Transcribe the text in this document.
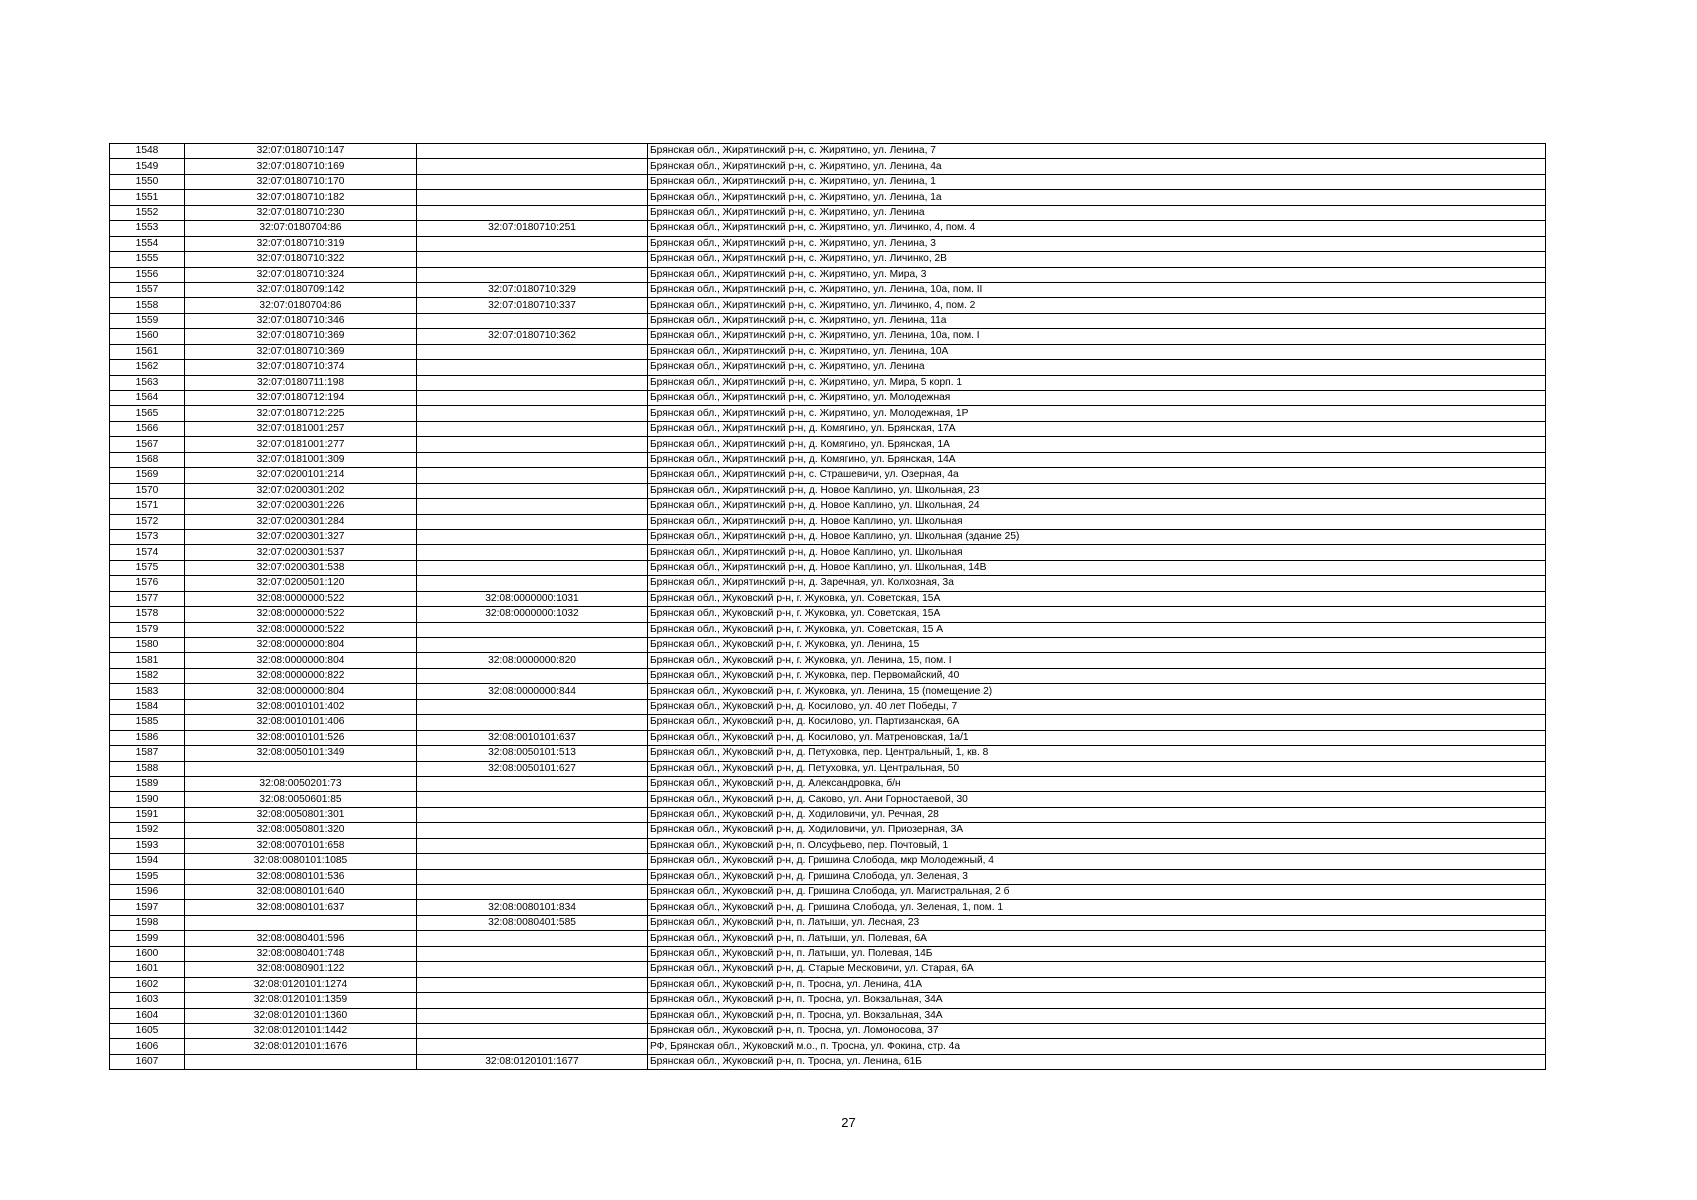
1548	32:07:0180710:147		Брянская обл., Жирятинский р-н, с. Жирятино, ул. Ленина, 7
1549	32:07:0180710:169		Брянская обл., Жирятинский р-н, с. Жирятино, ул. Ленина, 4а
1550	32:07:0180710:170		Брянская обл., Жирятинский р-н, с. Жирятино, ул. Ленина, 1
1551	32:07:0180710:182		Брянская обл., Жирятинский р-н, с. Жирятино, ул. Ленина, 1а
1552	32:07:0180710:230		Брянская обл., Жирятинский р-н, с. Жирятино, ул. Ленина
1553	32:07:0180704:86	32:07:0180710:251	Брянская обл., Жирятинский р-н, с. Жирятино, ул. Личинко, 4, пом. 4
1554	32:07:0180710:319		Брянская обл., Жирятинский р-н, с. Жирятино, ул. Ленина, 3
1555	32:07:0180710:322		Брянская обл., Жирятинский р-н, с. Жирятино, ул. Личинко, 2В
1556	32:07:0180710:324		Брянская обл., Жирятинский р-н, с. Жирятино, ул. Мира, 3
1557	32:07:0180709:142	32:07:0180710:329	Брянская обл., Жирятинский р-н, с. Жирятино, ул. Ленина, 10а, пом. II
1558	32:07:0180704:86	32:07:0180710:337	Брянская обл., Жирятинский р-н, с. Жирятино, ул. Личинко, 4, пом. 2
1559	32:07:0180710:346		Брянская обл., Жирятинский р-н, с. Жирятино, ул. Ленина, 11а
1560	32:07:0180710:369	32:07:0180710:362	Брянская обл., Жирятинский р-н, с. Жирятино, ул. Ленина, 10а, пом. I
1561	32:07:0180710:369		Брянская обл., Жирятинский р-н, с. Жирятино, ул. Ленина, 10А
1562	32:07:0180710:374		Брянская обл., Жирятинский р-н, с. Жирятино, ул. Ленина
1563	32:07:0180711:198		Брянская обл., Жирятинский р-н, с. Жирятино, ул. Мира, 5 корп. 1
1564	32:07:0180712:194		Брянская обл., Жирятинский р-н, с. Жирятино, ул. Молодежная
1565	32:07:0180712:225		Брянская обл., Жирятинский р-н, с. Жирятино, ул. Молодежная, 1Р
1566	32:07:0181001:257		Брянская обл., Жирятинский р-н, д. Комягино, ул. Брянская, 17А
1567	32:07:0181001:277		Брянская обл., Жирятинский р-н, д. Комягино, ул. Брянская, 1А
1568	32:07:0181001:309		Брянская обл., Жирятинский р-н, д. Комягино, ул. Брянская, 14А
1569	32:07:0200101:214		Брянская обл., Жирятинский р-н, с. Страшевичи, ул. Озерная, 4а
1570	32:07:0200301:202		Брянская обл., Жирятинский р-н, д. Новое Каплино, ул. Школьная, 23
1571	32:07:0200301:226		Брянская обл., Жирятинский р-н, д. Новое Каплино, ул. Школьная, 24
1572	32:07:0200301:284		Брянская обл., Жирятинский р-н, д. Новое Каплино, ул. Школьная
1573	32:07:0200301:327		Брянская обл., Жирятинский р-н, д. Новое Каплино, ул. Школьная (здание 25)
1574	32:07:0200301:537		Брянская обл., Жирятинский р-н, д. Новое Каплино, ул. Школьная
1575	32:07:0200301:538		Брянская обл., Жирятинский р-н, д. Новое Каплино, ул. Школьная, 14В
1576	32:07:0200501:120		Брянская обл., Жирятинский р-н, д. Заречная, ул. Колхозная, 3а
1577	32:08:0000000:522	32:08:0000000:1031	Брянская обл., Жуковский р-н, г. Жуковка, ул. Советская, 15А
1578	32:08:0000000:522	32:08:0000000:1032	Брянская обл., Жуковский р-н, г. Жуковка, ул. Советская, 15А
1579	32:08:0000000:522		Брянская обл., Жуковский р-н, г. Жуковка, ул. Советская, 15 А
1580	32:08:0000000:804		Брянская обл., Жуковский р-н, г. Жуковка, ул. Ленина, 15
1581	32:08:0000000:804	32:08:0000000:820	Брянская обл., Жуковский р-н, г. Жуковка, ул. Ленина, 15, пом. I
1582	32:08:0000000:822		Брянская обл., Жуковский р-н, г. Жуковка, пер. Первомайский, 40
1583	32:08:0000000:804	32:08:0000000:844	Брянская обл., Жуковский р-н, г. Жуковка, ул. Ленина, 15 (помещение 2)
1584	32:08:0010101:402		Брянская обл., Жуковский р-н, д. Косилово, ул. 40 лет Победы, 7
1585	32:08:0010101:406		Брянская обл., Жуковский р-н, д. Косилово, ул. Партизанская, 6А
1586	32:08:0010101:526	32:08:0010101:637	Брянская обл., Жуковский р-н, д. Косилово, ул. Матреновская, 1а/1
1587	32:08:0050101:349	32:08:0050101:513	Брянская обл., Жуковский р-н, д. Петуховка, пер. Центральный, 1, кв. 8
1588		32:08:0050101:627	Брянская обл., Жуковский р-н, д. Петуховка, ул. Центральная, 50
1589	32:08:0050201:73		Брянская обл., Жуковский р-н, д. Александровка, б/н
1590	32:08:0050601:85		Брянская обл., Жуковский р-н, д. Саково, ул. Ани Горностаевой, 30
1591	32:08:0050801:301		Брянская обл., Жуковский р-н, д. Ходиловичи, ул. Речная, 28
1592	32:08:0050801:320		Брянская обл., Жуковский р-н, д. Ходиловичи, ул. Приозерная, 3А
1593	32:08:0070101:658		Брянская обл., Жуковский р-н, п. Олсуфьево, пер. Почтовый, 1
1594	32:08:0080101:1085		Брянская обл., Жуковский р-н, д. Гришина Слобода, мкр Молодежный, 4
1595	32:08:0080101:536		Брянская обл., Жуковский р-н, д. Гришина Слобода, ул. Зеленая, 3
1596	32:08:0080101:640		Брянская обл., Жуковский р-н, д. Гришина Слобода, ул. Магистральная, 2 б
1597	32:08:0080101:637	32:08:0080101:834	Брянская обл., Жуковский р-н, д. Гришина Слобода, ул. Зеленая, 1, пом. 1
1598		32:08:0080401:585	Брянская обл., Жуковский р-н, п. Латыши, ул. Лесная, 23
1599	32:08:0080401:596		Брянская обл., Жуковский р-н, п. Латыши, ул. Полевая, 6А
1600	32:08:0080401:748		Брянская обл., Жуковский р-н, п. Латыши, ул. Полевая, 14Б
1601	32:08:0080901:122		Брянская обл., Жуковский р-н, д. Старые Месковичи, ул. Старая, 6А
1602	32:08:0120101:1274		Брянская обл., Жуковский р-н, п. Тросна, ул. Ленина, 41А
1603	32:08:0120101:1359		Брянская обл., Жуковский р-н, п. Тросна, ул. Вокзальная, 34А
1604	32:08:0120101:1360		Брянская обл., Жуковский р-н, п. Тросна, ул. Вокзальная, 34А
1605	32:08:0120101:1442		Брянская обл., Жуковский р-н, п. Тросна, ул. Ломоносова, 37
1606	32:08:0120101:1676		РФ, Брянская обл., Жуковский м.о., п. Тросна, ул. Фокина, стр. 4а
1607		32:08:0120101:1677	Брянская обл., Жуковский р-н, п. Тросна, ул. Ленина, 61Б
27
